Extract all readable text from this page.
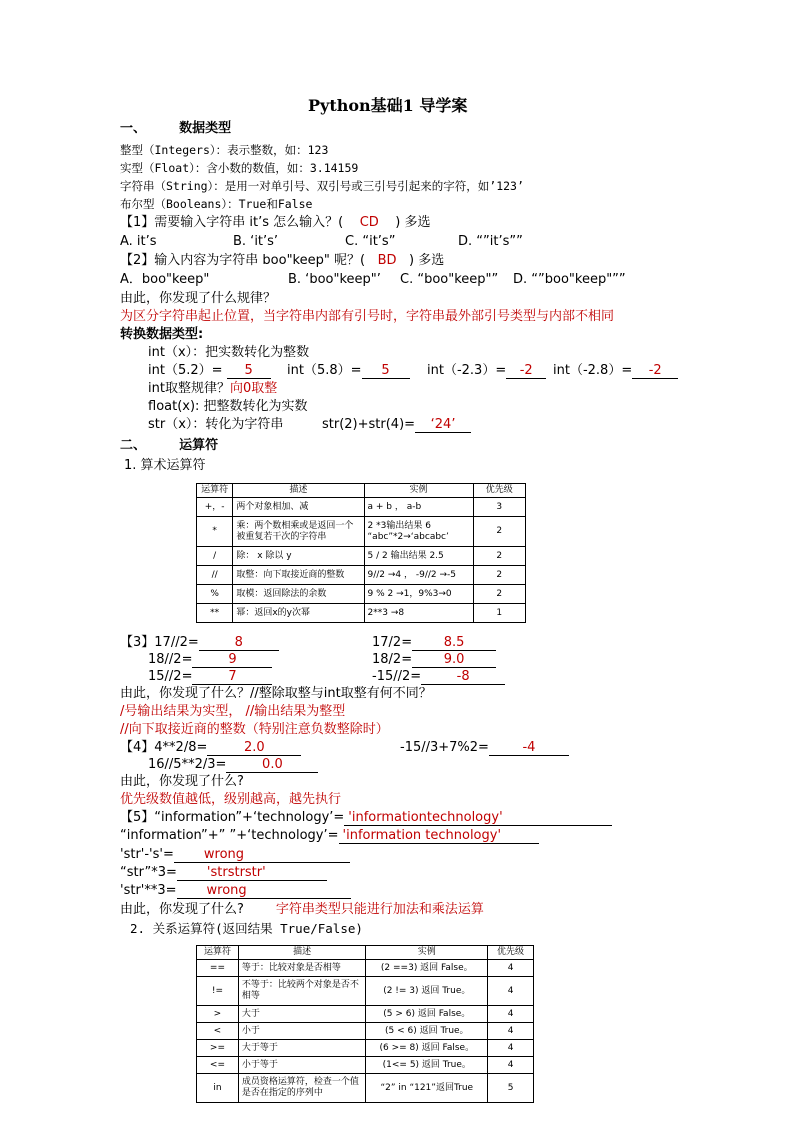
Python基础1 导学案
一、	数据类型
整型（Integers）：表示整数，如：123
实型（Float）：含小数的数值，如：3.14159
字符串（String）：是用一对单引号、双引号或三引号引起来的字符，如’123’
布尔型（Booleans）：True和False
【1】需要输入字符串 it’s 怎么输入？( CD ) 多选
A. it’s	B. ‘it’s’	C. “it’s”	D. “”it’s””
【2】输入内容为字符串 boo"keep" 呢？( BD ) 多选
A．boo"keep"	B. ‘boo"keep"’ C. “boo"keep"” D. “”boo"keep"””
由此，你发现了什么规律？
为区分字符串起止位置，当字符串内部有引号时，字符串最外部引号类型与内部不相同
转换数据类型:
int（x）：把实数转化为整数
int（5.2）= 5	int（5.8）= 5	int（-2.3）= -2	int（-2.8）= -2
int取整规律？向0取整
float(x): 把整数转化为实数
str（x）：转化为字符串	str(2)+str(4)= ‘24’
二、	运算符
1. 算术运算符
运算符	描述	实例	优先级
+，-	两个对象相加、减	a + b ， a-b	3
*	乘：两个数相乘或是返回一个被重复若干次的字符串	2 *3输出结果 6 “abc”*2→‘abcabc’	2
/	除： x 除以 y	5 / 2 输出结果 2.5	2
//	取整：向下取接近商的整数	9//2 →4 ， -9//2 →-5	2
%	取模：返回除法的余数	9 % 2 →1，9%3→0	2
**	幂：返回x的y次幂	2**3 →8	1
【3】17//2=	8	17/2= 8.5
18//2=	9	18/2= 9.0
15//2=	7	-15//2=	-8
由此，你发现了什么？//整除取整与int取整有何不同？
/号输出结果为实型， //输出结果为整型
//向下取接近商的整数（特别注意负数整除时）
【4】4**2/8=	2.0	-15//3+7%2=	-4
16//5**2/3=	0.0
由此，你发现了什么?
优先级数值越低，级别越高，越先执行
【5】“information”+‘technology’= 'informationtechnology'
“information”+” ”+‘technology’= 'information technology'
'str'-'s'= wrong
“str”*3= 'strstrstr'
'str'**3= wrong
由此，你发现了什么? 字符串类型只能进行加法和乘法运算
2. 关系运算符(返回结果 True/False)
运算符	描述	实例	优先级
==	等于：比较对象是否相等	(2 ==3) 返回 False。	4
!=	不等于：比较两个对象是否不相等	(2 != 3) 返回 True。	4
>	大于	(5 > 6) 返回 False。	4
<	小于	(5 < 6) 返回 True。	4
>=	大于等于	(6 >= 8) 返回 False。	4
<=	小于等于	(1<= 5) 返回 True。	4
in	成员资格运算符，检查一个值是否在指定的序列中	“2” in “121”返回True	5
